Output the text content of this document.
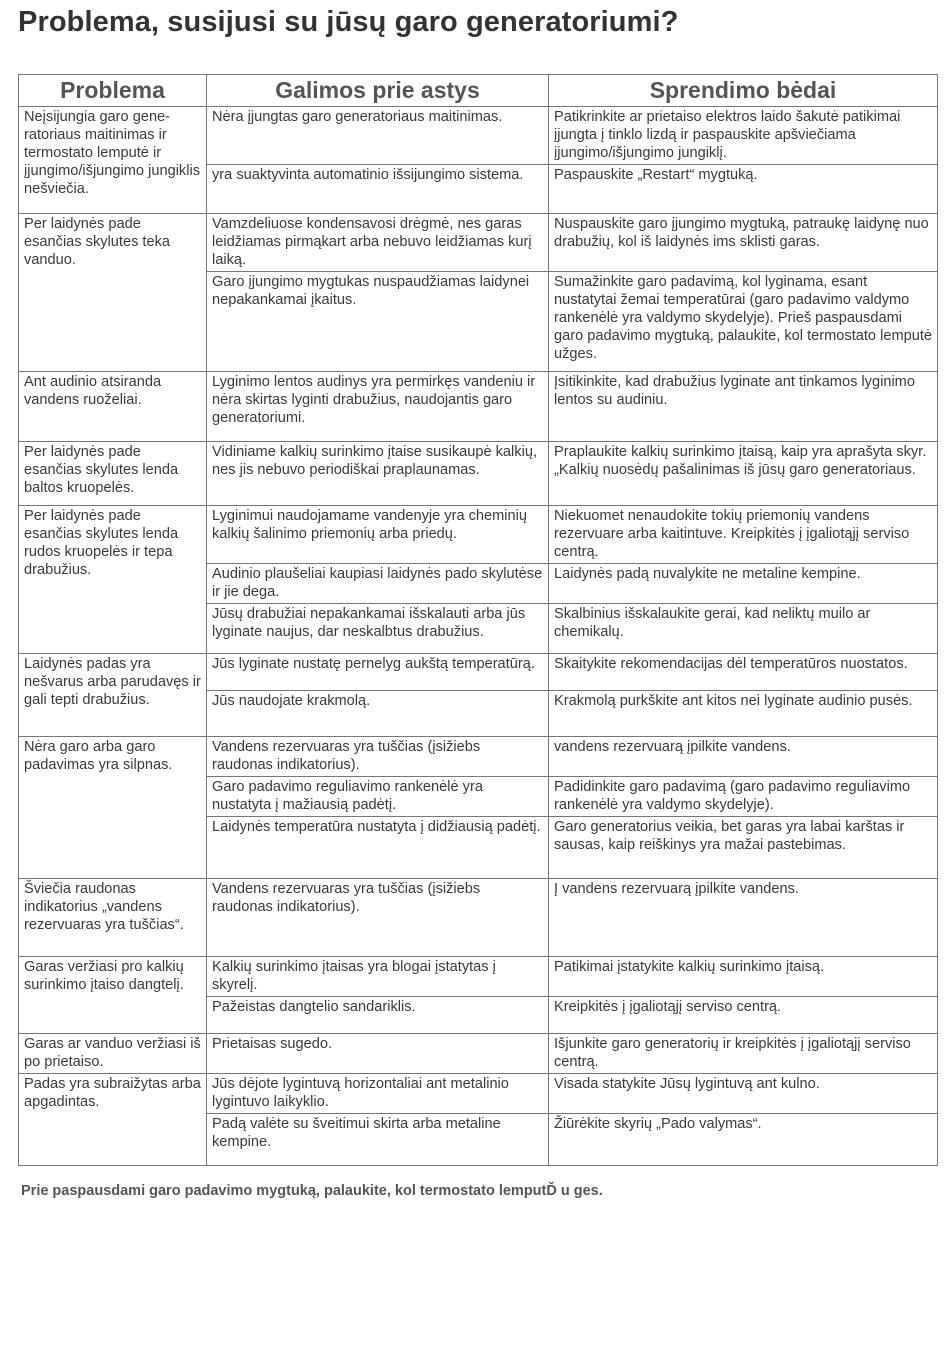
Problema, susijusi su jūsų garo generatoriumi?
Problema	Galimos prie astys	Sprendimo bėdai
Neįsijungia garo gene-ratoriaus maitinimas ir termostato lemputė ir įjungimo/išjungimo jungiklis nešviečia.	Nėra įjungtas garo generatoriaus maitinimas.	Patikrinkite ar prietaiso elektros laido šakutė patikimai įjungta į tinklo lizdą ir paspauskite apšviečiama įjungimo/išjungimo jungiklį.
	yra suaktyvinta automatinio išsijungimo sistema.	Paspauskite „Restart“ mygtuką.
Per laidynės pade esančias skylutes teka vanduo.	Vamzdeliuose kondensavosi drėgmė, nes garas leidžiamas pirmąkart arba nebuvo leidžiamas kurį laiką.	Nuspauskite garo įjungimo mygtuką, patraukę laidynę nuo drabužių, kol iš laidynės ims sklisti garas.
	Garo įjungimo mygtukas nuspaudžiamas laidynei nepakankamai įkaitus.	Sumažinkite garo padavimą, kol lyginama, esant nustatytai žemai temperatūrai (garo padavimo valdymo rankenėlė yra valdymo skydelyje). Prieš paspausdami garo padavimo mygtuką, palaukite, kol termostato lemputė užges.
Ant audinio atsiranda vandens ruoželiai.	Lyginimo lentos audinys yra permirkęs vandeniu ir nėra skirtas lyginti drabužius, naudojantis garo generatoriumi.	Įsitikinkite, kad drabužius lyginate ant tinkamos lyginimo lentos su audiniu.
Per laidynės pade esančias skylutes lenda baltos kruopelės.	Vidiniame kalkių surinkimo įtaise susikaupė kalkių, nes jis nebuvo periodiškai praplaunamas.	Praplaukite kalkių surinkimo įtaisą, kaip yra aprašyta skyr. „Kalkių nuosėdų pašalinimas iš jūsų garo generatoriaus.
Per laidynės pade esančias skylutes lenda rudos kruopelės ir tepa drabužius.	Lyginimui naudojamame vandenyje yra cheminių kalkių šalinimo priemonių arba priedų.	Niekuomet nenaudokite tokių priemonių vandens rezervuare arba kaitintuve. Kreipkitės į įgaliotąjį serviso centrą.
	Audinio plaušeliai kaupiasi laidynės pado skylutėse ir jie dega.	Laidynės padą nuvalykite ne metaline kempine.
	Jūsų drabužiai nepakankamai išskalauti arba jūs lyginate naujus, dar neskalbtus drabužius.	Skalbinius išskalaukite gerai, kad neliktų muilo ar chemikalų.
Laidynės padas yra nešvarus arba parudavęs ir gali tepti drabužius.	Jūs lyginate nustatę pernelyg aukštą temperatūrą.	Skaitykite rekomendacijas dėl temperatūros nuostatos.
	Jūs naudojate krakmolą.	Krakmolą purkškite ant kitos nei lyginate audinio pusės.
Nėra garo arba garo padavimas yra silpnas.	Vandens rezervuaras yra tuščias (įsižiebs raudonas indikatorius).	vandens rezervuarą įpilkite vandens.
	Garo padavimo reguliavimo rankenėlė yra nustatyta į mažiausią padėtį.	Padidinkite garo padavimą (garo padavimo reguliavimo rankenėlė yra valdymo skydelyje).
	Laidynės temperatūra nustatyta į didžiausią padėtį.	Garo generatorius veikia, bet garas yra labai karštas ir sausas, kaip reiškinys yra mažai pastebimas.
Šviečia raudonas indikatorius „vandens rezervuaras yra tuščias“.	Vandens rezervuaras yra tuščias (įsižiebs raudonas indikatorius).	Į vandens rezervuarą įpilkite vandens.
Garas veržiasi pro kalkių surinkimo įtaiso dangtelį.	Kalkių surinkimo įtaisas yra blogai įstatytas į skyrelį.	Patikimai įstatykite kalkių surinkimo įtaisą.
	Pažeistas dangtelio sandariklis.	Kreipkitės į įgaliotąjį serviso centrą.
Garas ar vanduo veržiasi iš po prietaiso.	Prietaisas sugedo.	Išjunkite garo generatorių ir kreipkitės į įgaliotąjį serviso centrą.
Padas yra subraižytas arba apgadintas.	Jūs dėjote lygintuvą horizontaliai ant metalinio lygintuvo laikyklio.	Visada statykite Jūsų lygintuvą ant kulno.
	Padą valėte su šveitimui skirta arba metaline kempine.	Žiūrėkite skyrių „Pado valymas“.

Prie paspausdami garo padavimo mygtuką, palaukite, kol termostato lemputĎ u ges.
